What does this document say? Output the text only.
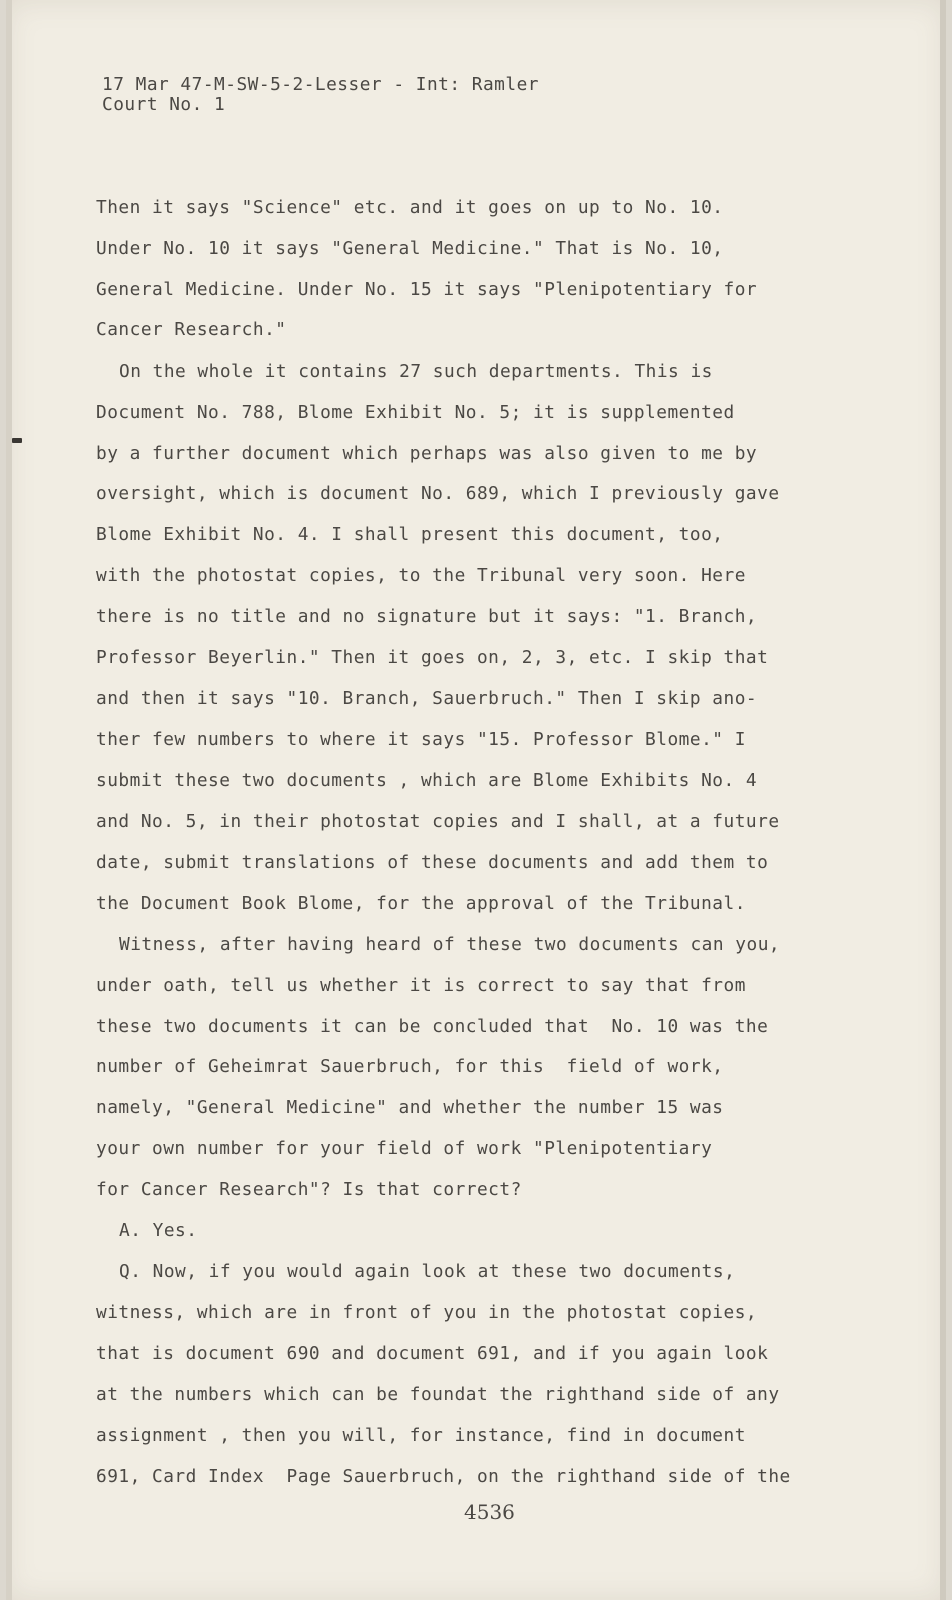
17 Mar 47-M-SW-5-2-Lesser - Int: Ramler
Court No. 1
Then it says "Science" etc. and it goes on up to No. 10.
Under No. 10 it says "General Medicine." That is No. 10,
General Medicine. Under No. 15 it says "Plenipotentiary for
Cancer Research."
On the whole it contains 27 such departments. This is
Document No. 788, Blome Exhibit No. 5; it is supplemented
by a further document which perhaps was also given to me by
oversight, which is document No. 689, which I previously gave
Blome Exhibit No. 4. I shall present this document, too,
with the photostat copies, to the Tribunal very soon. Here
there is no title and no signature but it says: "1. Branch,
Professor Beyerlin." Then it goes on, 2, 3, etc. I skip that
and then it says "10. Branch, Sauerbruch." Then I skip ano-
ther few numbers to where it says "15. Professor Blome." I
submit these two documents , which are Blome Exhibits No. 4
and No. 5, in their photostat copies and I shall, at a future
date, submit translations of these documents and add them to
the Document Book Blome, for the approval of the Tribunal.
Witness, after having heard of these two documents can you,
under oath, tell us whether it is correct to say that from
these two documents it can be concluded that  No. 10 was the
number of Geheimrat Sauerbruch, for this  field of work,
namely, "General Medicine" and whether the number 15 was
your own number for your field of work "Plenipotentiary
for Cancer Research"? Is that correct?
A. Yes.
Q. Now, if you would again look at these two documents,
witness, which are in front of you in the photostat copies,
that is document 690 and document 691, and if you again look
at the numbers which can be foundat the righthand side of any
assignment , then you will, for instance, find in document
691, Card Index  Page Sauerbruch, on the righthand side of the
4536
